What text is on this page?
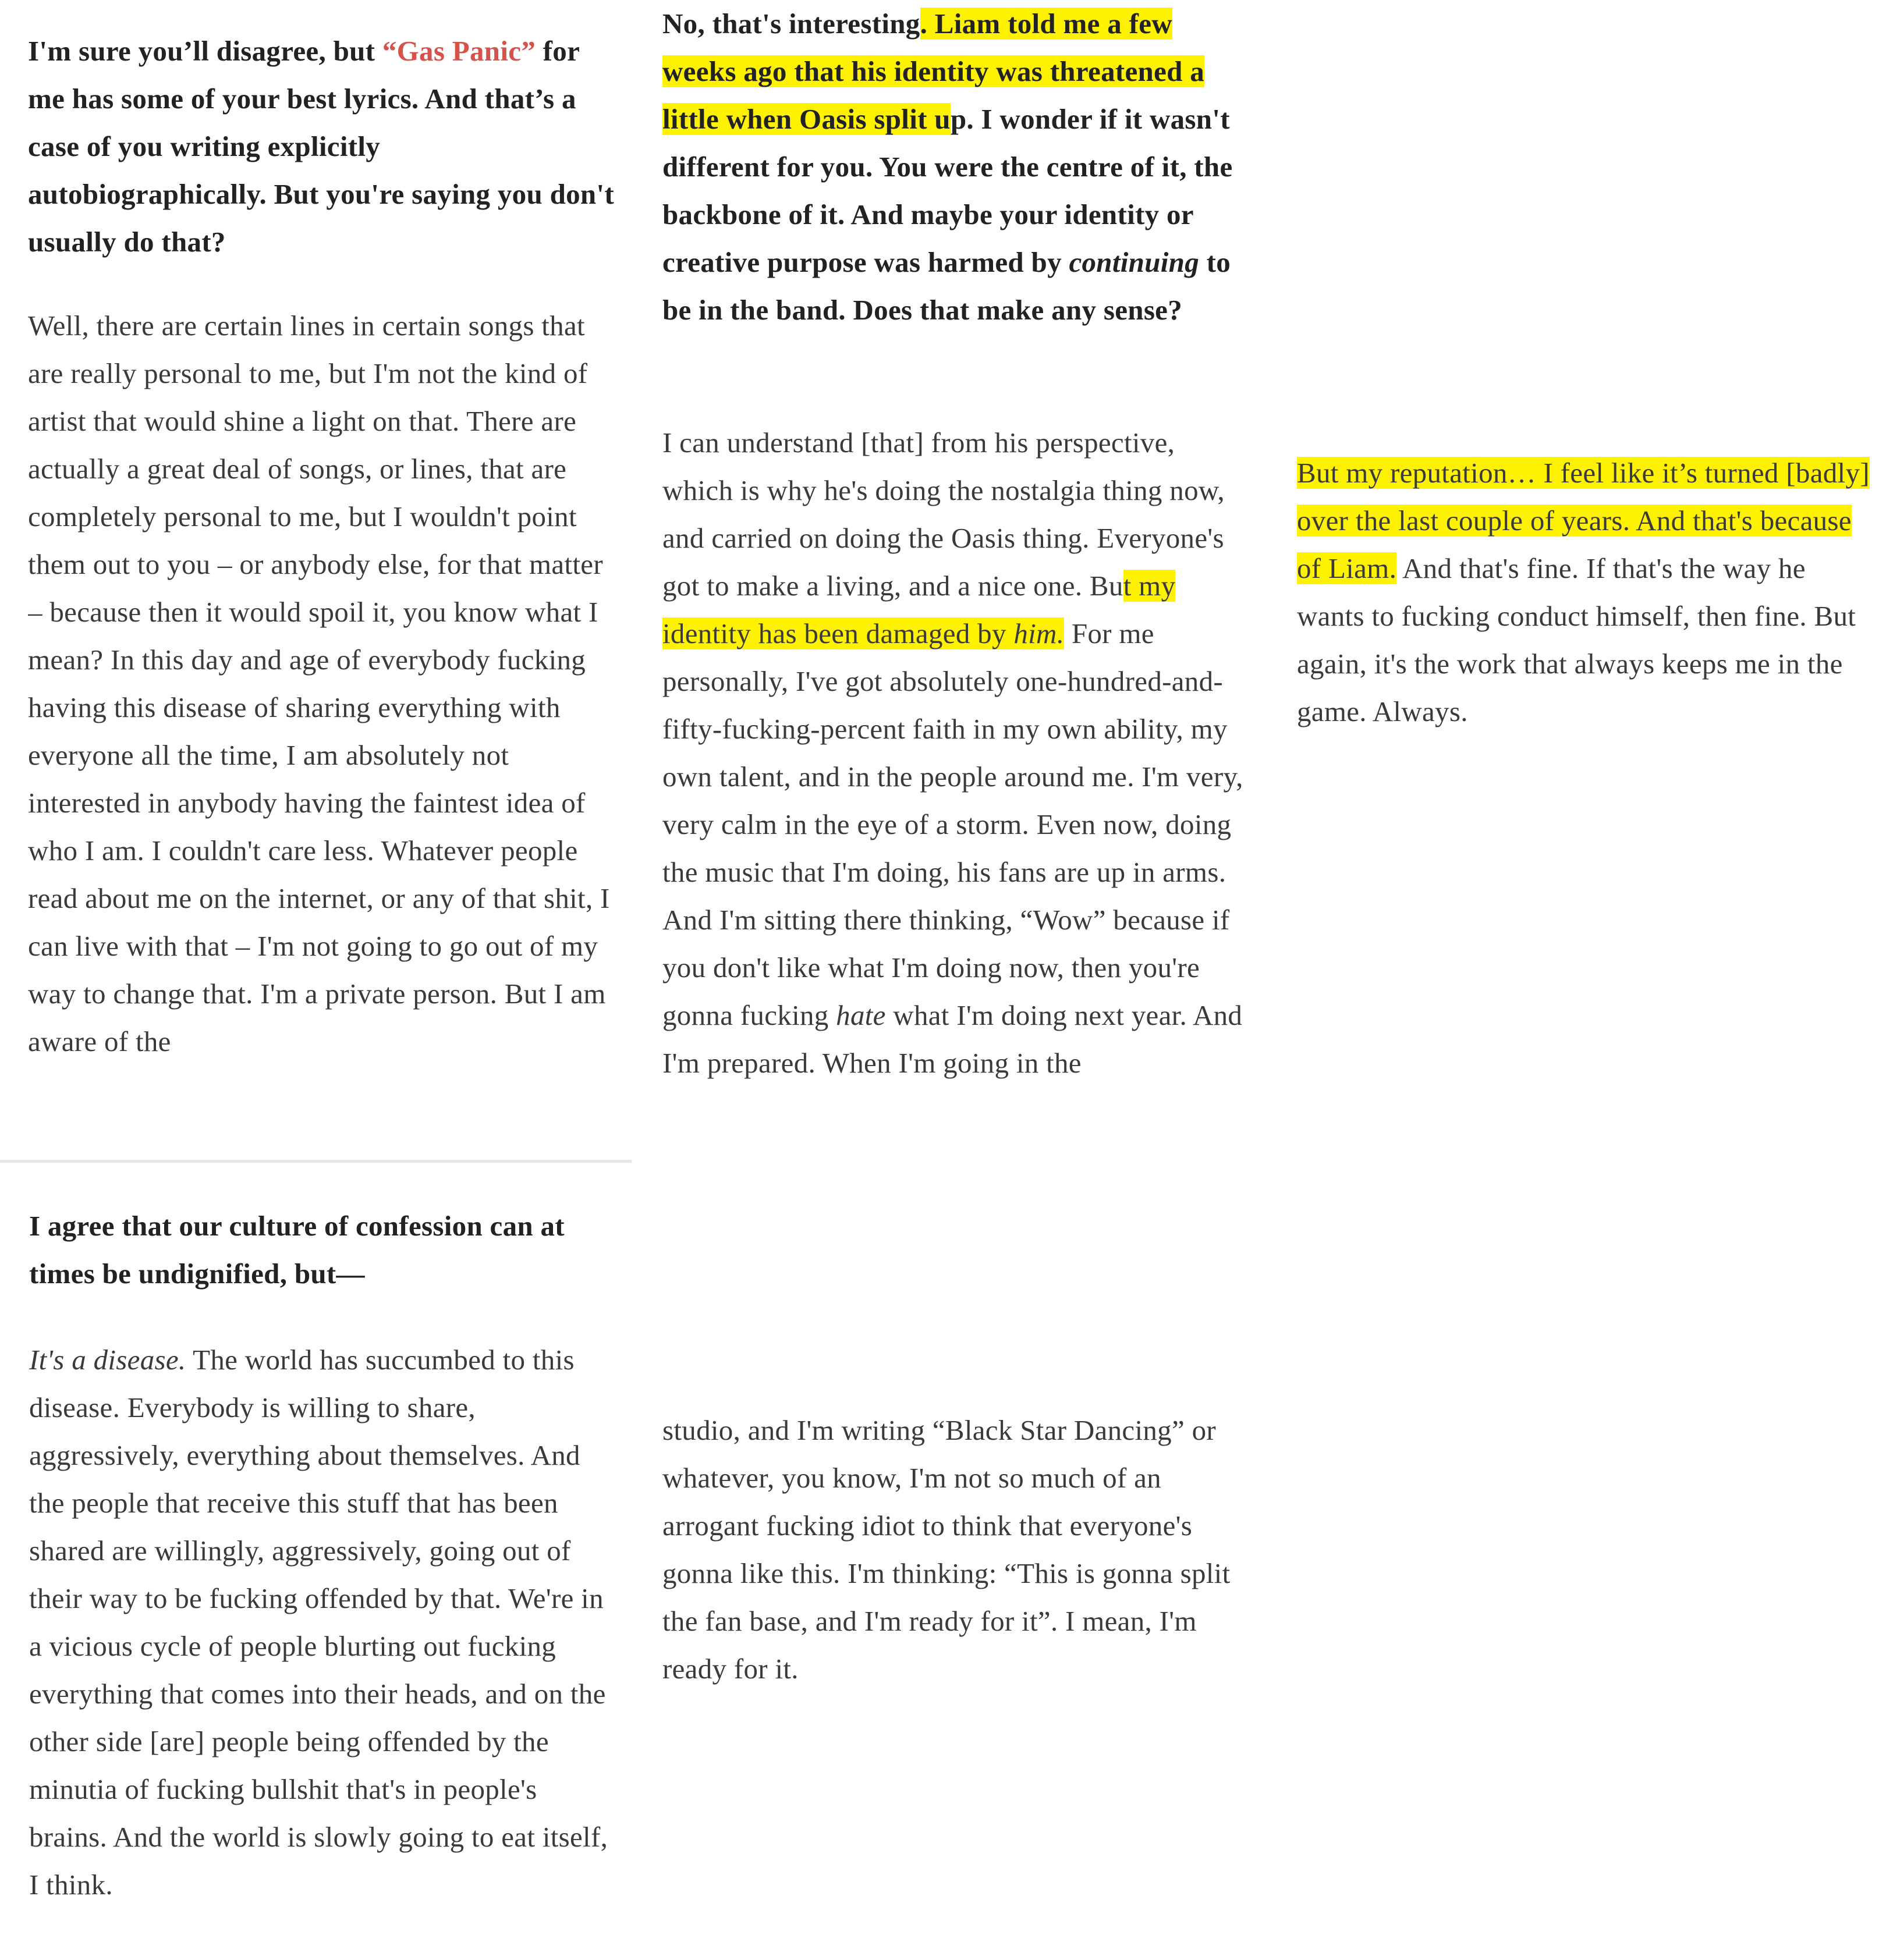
I'm sure you’ll disagree, but “Gas Panic” for me has some of your best lyrics. And that’s a case of you writing explicitly autobiographically. But you're saying you don't usually do that?

Well, there are certain lines in certain songs that are really personal to me, but I'm not the kind of artist that would shine a light on that. There are actually a great deal of songs, or lines, that are completely personal to me, but I wouldn't point them out to you – or anybody else, for that matter – because then it would spoil it, you know what I mean? In this day and age of everybody fucking having this disease of sharing everything with everyone all the time, I am absolutely not interested in anybody having the faintest idea of who I am. I couldn't care less. Whatever people read about me on the internet, or any of that shit, I can live with that – I'm not going to go out of my way to change that. I'm a private person. But I am aware of the

I agree that our culture of confession can at times be undignified, but—

It's a disease. The world has succumbed to this disease. Everybody is willing to share, aggressively, everything about themselves. And the people that receive this stuff that has been shared are willingly, aggressively, going out of their way to be fucking offended by that. We're in a vicious cycle of people blurting out fucking everything that comes into their heads, and on the other side [are] people being offended by the minutia of fucking bullshit that's in people's brains. And the world is slowly going to eat itself, I think.

No, that's interesting. Liam told me a few weeks ago that his identity was threatened a little when Oasis split up. I wonder if it wasn't different for you. You were the centre of it, the backbone of it. And maybe your identity or creative purpose was harmed by continuing to be in the band. Does that make any sense?

I can understand [that] from his perspective, which is why he's doing the nostalgia thing now, and carried on doing the Oasis thing. Everyone's got to make a living, and a nice one. But my identity has been damaged by him. For me personally, I've got absolutely one-hundred-and-fifty-fucking-percent faith in my own ability, my own talent, and in the people around me. I'm very, very calm in the eye of a storm. Even now, doing the music that I'm doing, his fans are up in arms. And I'm sitting there thinking, “Wow” because if you don't like what I'm doing now, then you're gonna fucking hate what I'm doing next year. And I'm prepared. When I'm going in the

studio, and I'm writing “Black Star Dancing” or whatever, you know, I'm not so much of an arrogant fucking idiot to think that everyone's gonna like this. I'm thinking: “This is gonna split the fan base, and I'm ready for it”. I mean, I'm ready for it.

But my reputation… I feel like it’s turned [badly] over the last couple of years. And that's because of Liam. And that's fine. If that's the way he wants to fucking conduct himself, then fine. But again, it's the work that always keeps me in the game. Always.
